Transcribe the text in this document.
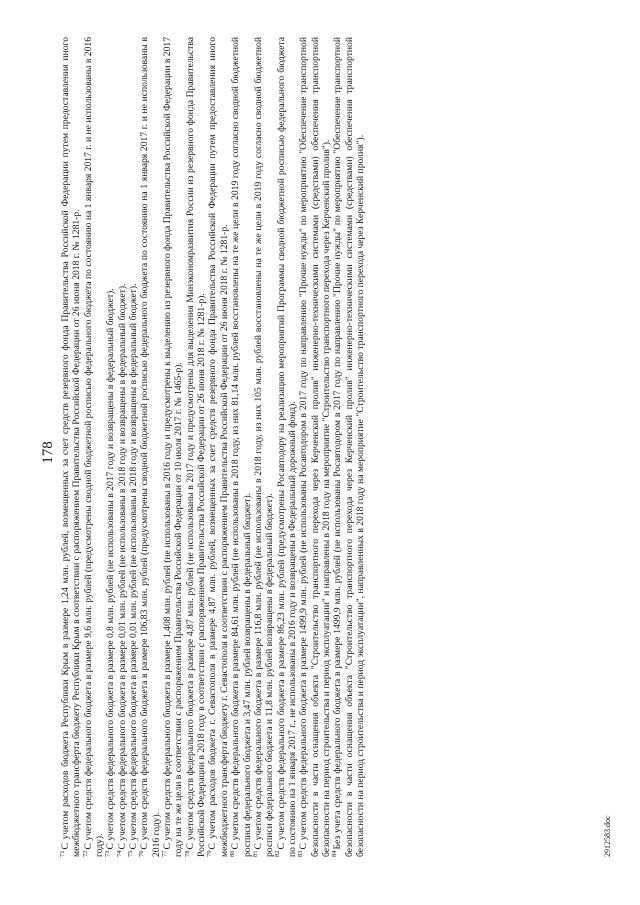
178

$^{71}$С учетом расходов бюджета Республики Крым в размере 1,24 млн. рублей, возмещенных за счет средств резервного фонда Правительства Российской Федерации путем предоставления иного межбюджетного трансферта бюджету Республики Крым в соответствии с распоряжением Правительства Российской Федерации от 26 июня 2018 г. № 1281-р. $^{72}$С учетом средств федерального бюджета в размере 9,6 млн. рублей (предусмотрены сводной бюджетной росписью федерального бюджета по состоянию на 1 января 2017 г. и не использованы в 2016 году). $^{73}$С учетом средств федерального бюджета в размере 0,8 млн. рублей (не использованы в 2017 году и возвращены в федеральный бюджет).

$^{74}$С учетом средств федерального бюджета в размере 0,01 млн. рублей (не использованы в 2018 году и возвращены в федеральный бюджет).

$^{75}$С учетом средств федерального бюджета в размере 0,01 млн. рублей (не использованы в 2018 году и возвращены в федеральный бюджет).

$^{76}$С учетом средств федерального бюджета в размере 106,83 млн. рублей (предусмотрены сводной бюджетной росписью федерального бюджета по состоянию на 1 января 2017 г. и не использованы в 2016 году). $^{77}$С учетом средств федерального бюджета в размере 1,408 млн. рублей (не использованы в 2016 году и предусмотрены к выделению из резервного фонда Правительства Российской Федерации в 2017 году на те же цели в соответствии с распоряжением Правительства Российской Федерации от 10 июля 2017 г. № 1465-р). $^{78}$С учетом средств федерального бюджета в размере 4,87 млн. рублей (не использованы в 2017 году и предусмотрены для выделения Минэкономразвития России из резервного фонда Правительства Российской Федерации в 2018 году в соответствии с распоряжением Правительства Российской Федерации от 26 июня 2018 г. № 1281-р). $^{79}$С учетом расходов бюджета г. Севастополя в размере 4,87 млн. рублей, возмещенных за счет средств резервного фонда Правительства Российской Федерации путем предоставления иного межбюджетного трансферта бюджету г. Севастополя в соответствии с распоряжением Правительства Российской Федерации от 26 июня 2018 г. № 1281-р. $^{80}$С учетом средств федерального бюджета в размере 84,61 млн. рублей (не использованы в 2018 году, из них 81,14 млн. рублей восстановлены на те же цели в 2019 году согласно сводной бюджетной росписи федерального бюджета и 3,47 млн. рублей возвращены в федеральный бюджет). $^{81}$С учетом средств федерального бюджета в размере 116,8 млн. рублей (не использованы в 2018 году, из них 105 млн. рублей восстановлены на те же цели в 2019 году согласно сводной бюджетной росписи федерального бюджета и 11,8 млн. рублей возвращены в федеральный бюджет). $^{82}$С учетом средств федерального бюджета в размере 86,23 млн. рублей (предусмотрены Росавтодору на реализацию мероприятий Программы сводной бюджетной росписью федерального бюджета по состоянию на 1 января 2017 г., не использованы в 2016 году и возвращены в Федеральный дорожный фонд). $^{83}$С учетом средств федерального бюджета в размере 1499,9 млн. рублей (не использованы Росавтодором в 2017 году по направлению "Прочие нужды" по мероприятию "Обеспечение транспортной безопасности в части оснащения объекта "Строительство транспортного перехода через Керченский пролив" инженерно-техническими системами (средствами) обеспечения транспортной безопасности на период строительства и период эксплуатации" и направлены в 2018 году на мероприятие "Строительство транспортного перехода через Керченский пролив"). $^{84}$Без учета средств федерального бюджета в размере 1499,9 млн. рублей (не использованы Росавтодором в 2017 году по направлению "Прочие нужды" по мероприятию "Обеспечение транспортной безопасности в части оснащения объекта "Строительство транспортного перехода через Керченский пролив" инженерно-техническими системами (средствами) обеспечения транспортной безопасности на период строительства и период эксплуатации", направленных в 2018 году на мероприятие "Строительство транспортного перехода через Керченский пролив").	2912583.doc
